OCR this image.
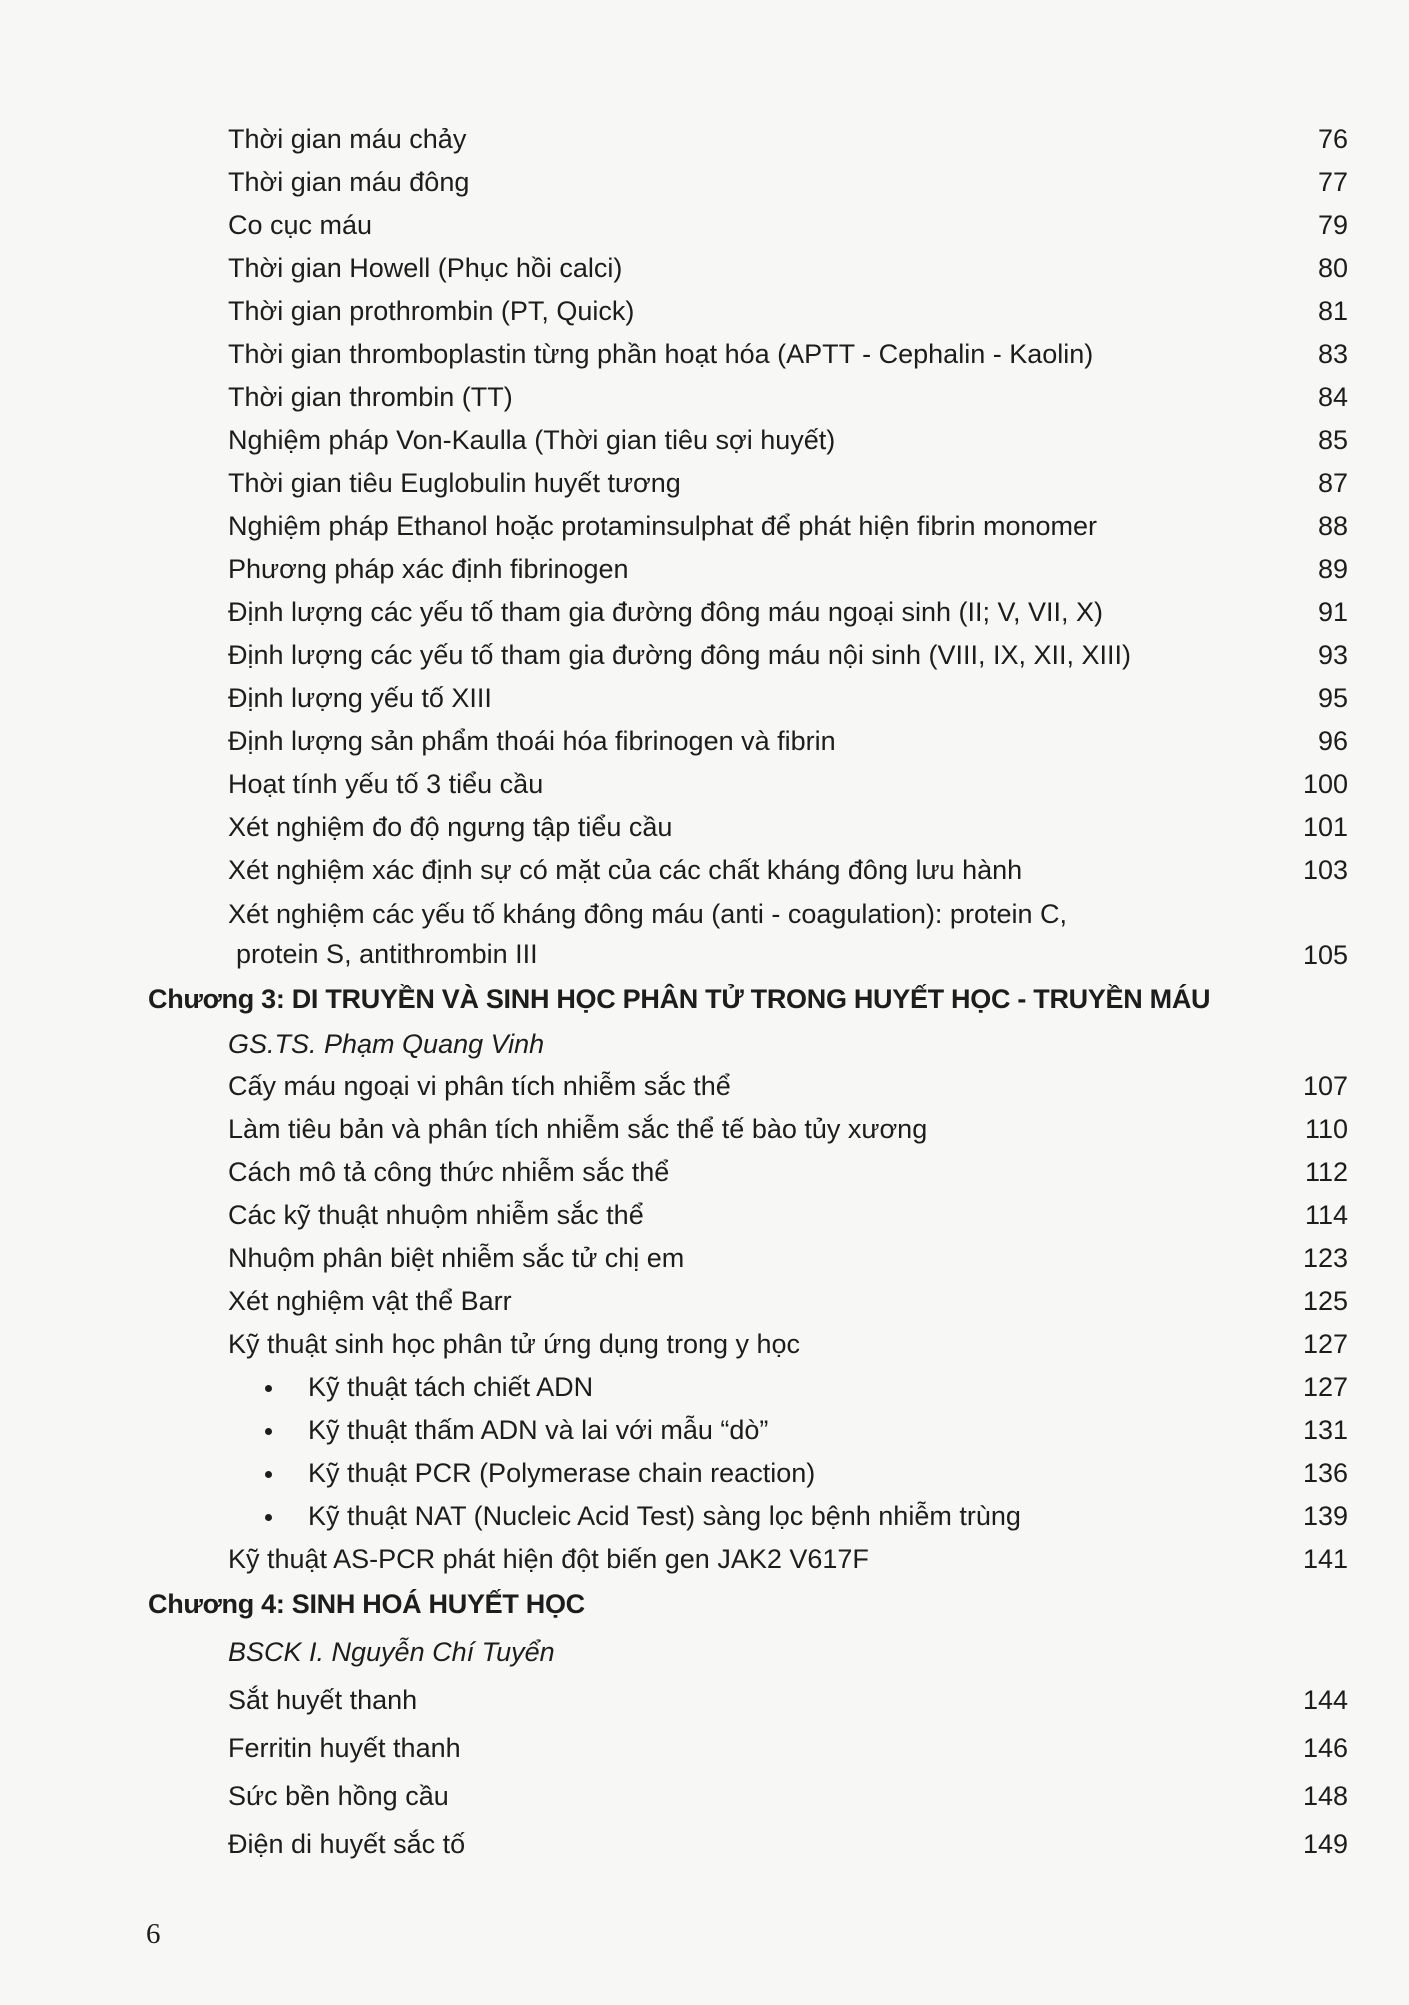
Thời gian máu chảy	76
Thời gian máu đông	77
Co cục máu	79
Thời gian Howell (Phục hồi calci)	80
Thời gian prothrombin (PT, Quick)	81
Thời gian thromboplastin từng phần hoạt hóa (APTT - Cephalin - Kaolin)	83
Thời gian thrombin (TT)	84
Nghiệm pháp Von-Kaulla (Thời gian tiêu sợi huyết)	85
Thời gian tiêu Euglobulin huyết tương	87
Nghiệm pháp Ethanol hoặc protaminsulphat để phát hiện fibrin monomer	88
Phương pháp xác định fibrinogen	89
Định lượng các yếu tố tham gia đường đông máu ngoại sinh (II; V, VII, X)	91
Định lượng các yếu tố tham gia đường đông máu nội sinh (VIII, IX, XII, XIII)	93
Định lượng yếu tố XIII	95
Định lượng sản phẩm thoái hóa fibrinogen và fibrin	96
Hoạt tính yếu tố 3 tiểu cầu	100
Xét nghiệm đo độ ngưng tập tiểu cầu	101
Xét nghiệm xác định sự có mặt của các chất kháng đông lưu hành	103
Xét nghiệm các yếu tố kháng đông máu (anti - coagulation): protein C,
protein S, antithrombin III	105
Chương 3: DI TRUYỀN VÀ SINH HỌC PHÂN TỬ TRONG HUYẾT HỌC - TRUYỀN MÁU
GS.TS. Phạm Quang Vinh
Cấy máu ngoại vi phân tích nhiễm sắc thể	107
Làm tiêu bản và phân tích nhiễm sắc thể tế bào tủy xương	110
Cách mô tả công thức nhiễm sắc thể	112
Các kỹ thuật nhuộm nhiễm sắc thể	114
Nhuộm phân biệt nhiễm sắc tử chị em	123
Xét nghiệm vật thể Barr	125
Kỹ thuật sinh học phân tử ứng dụng trong y học	127
Kỹ thuật tách chiết ADN	127
Kỹ thuật thấm ADN và lai với mẫu “dò”	131
Kỹ thuật PCR (Polymerase chain reaction)	136
Kỹ thuật NAT (Nucleic Acid Test) sàng lọc bệnh nhiễm trùng	139
Kỹ thuật AS-PCR phát hiện đột biến gen JAK2 V617F	141
Chương 4: SINH HOÁ HUYẾT HỌC
BSCK I. Nguyễn Chí Tuyển
Sắt huyết thanh	144
Ferritin huyết thanh	146
Sức bền hồng cầu	148
Điện di huyết sắc tố	149
6
